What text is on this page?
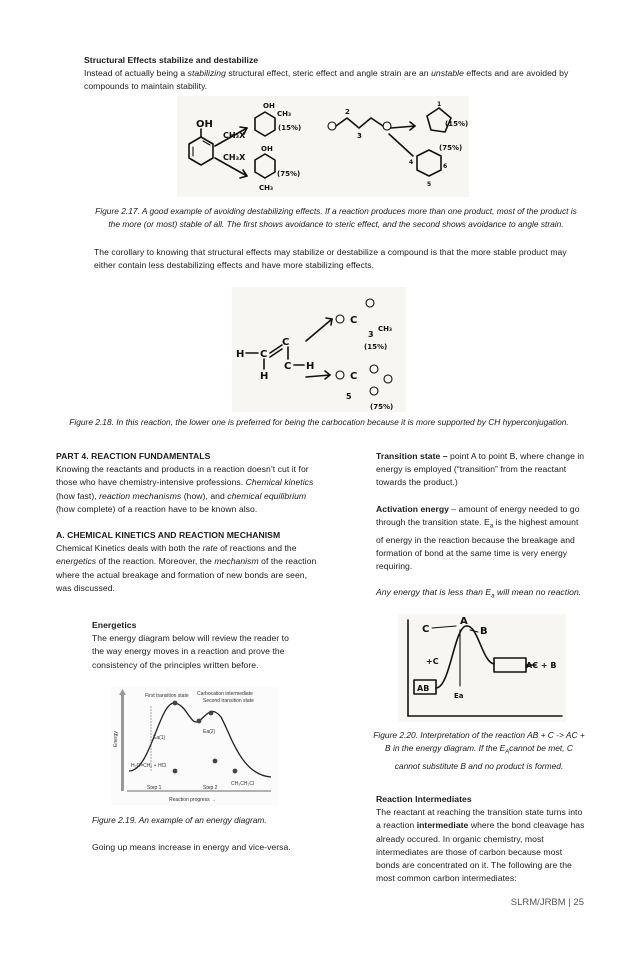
Structural Effects stabilize and destabilize

Instead of actually being a stabilizing structural effect, steric effect and angle strain are an unstable effects and are avoided by compounds to maintain stability.

OH
CH₃X
CH₃X
OH
CH₃
(15%)
OH
(75%)
CH₃
2
3
(15%)
1
5
6
4
(75%)
Figure 2.17. A good example of avoiding destabilizing effects. If a reaction produces more than one product, most of the product is the more (or most) stable of all. The first shows avoidance to steric effect, and the second shows avoidance to angle strain.
The corollary to knowing that structural effects may stabilize or destabilize a compound is that the more stable product may either contain less destabilizing effects and have more stabilizing effects.
H C
H
C
C H
C
3
CH₃
(15%)
C
5
(75%)
Figure 2.18. In this reaction, the lower one is preferred for being the carbocation because it is more supported by CH hyperconjugation.

PART 4. REACTION FUNDAMENTALS

Knowing the reactants and products in a reaction doesn’t cut it for those who have chemistry-intensive professions. Chemical kinetics (how fast), reaction mechanisms (how), and chemical equilibrium (how complete) of a reaction have to be known also.

A. CHEMICAL KINETICS AND REACTION MECHANISM

Chemical Kinetics deals with both the rate of reactions and the energetics of the reaction. Moreover, the mechanism of the reaction where the actual breakage and formation of new bonds are seen, was discussed.

Energetics

The energy diagram below will review the reader to the way energy moves in a reaction and prove the consistency of the principles written before.

Energy
First transition state Carbocation intermediate
Second transition state
Ea(1)
Ea(2)
H₂C=CH₂ + HCl
CH₃CH₂Cl
Step 1	Step 2
Reaction progress →
Figure 2.19. An example of an energy diagram.
Going up means increase in energy and vice-versa.

Transition state – point A to point B, where change in energy is employed (“transition” from the reactant towards the product.)

Activation energy – amount of energy needed to go through the transition state. $E_a$ is the highest amount of energy in the reaction because the breakage and formation of bond at the same time is very energy requiring.

Any energy that is less than $E_a$ will mean no reaction.

AB
C
A
B
+C
Ea
AC + B
Figure 2.20. Interpretation of the reaction AB + C -> AC + B in the energy diagram. If the $E_Acannot$ be met, C cannot substitute B and no product is formed.

Reaction Intermediates

The reactant at reaching the transition state turns into a reaction intermediate where the bond cleavage has already occured. In organic chemistry, most intermediates are those of carbon because most bonds are concentrated on it. The following are the most common carbon intermediates:

SLRM/JRBM | 25
